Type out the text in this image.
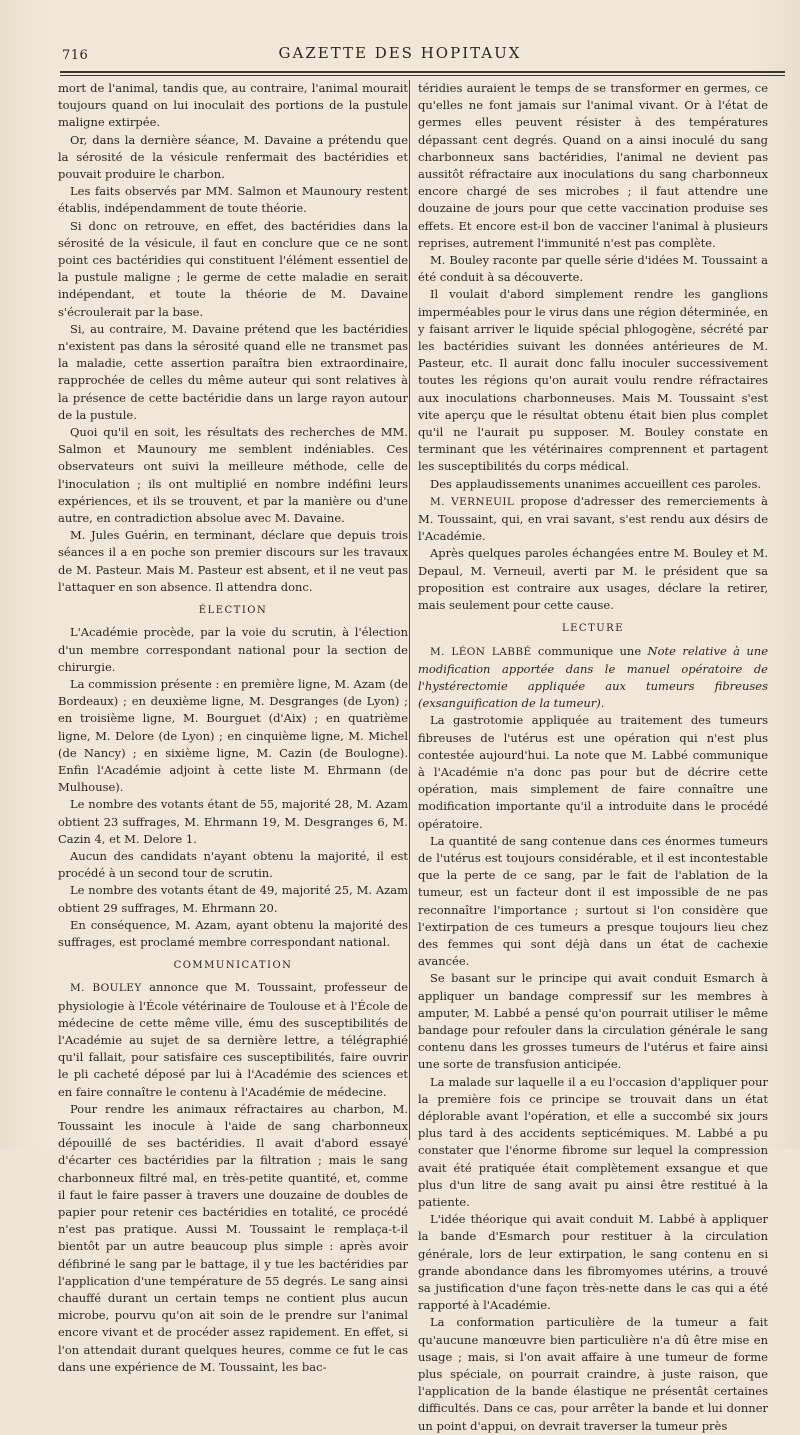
716	GAZETTE DES HOPITAUX

mort de l'animal, tandis que, au contraire, l'animal mourait toujours quand on lui inoculait des portions de la pustule maligne extirpée.

Or, dans la dernière séance, M. Davaine a prétendu que la sérosité de la vésicule renfermait des bactéridies et pouvait produire le charbon.

Les faits observés par MM. Salmon et Maunoury restent établis, indépendamment de toute théorie.

Si donc on retrouve, en effet, des bactéridies dans la sérosité de la vésicule, il faut en conclure que ce ne sont point ces bactéridies qui constituent l'élément essentiel de la pustule maligne ; le germe de cette maladie en serait indépendant, et toute la théorie de M. Davaine s'écroulerait par la base.

Si, au contraire, M. Davaine prétend que les bactéridies n'existent pas dans la sérosité quand elle ne transmet pas la maladie, cette assertion paraîtra bien extraordinaire, rapprochée de celles du même auteur qui sont relatives à la présence de cette bactéridie dans un large rayon autour de la pustule.

Quoi qu'il en soit, les résultats des recherches de MM. Salmon et Maunoury me semblent indéniables. Ces observateurs ont suivi la meilleure méthode, celle de l'inoculation ; ils ont multiplié en nombre indéfini leurs expériences, et ils se trouvent, et par la manière ou d'une autre, en contradiction absolue avec M. Davaine.

M. Jules Guérin, en terminant, déclare que depuis trois séances il a en poche son premier discours sur les travaux de M. Pasteur. Mais M. Pasteur est absent, et il ne veut pas l'attaquer en son absence. Il attendra donc.

ÉLECTION

L'Académie procède, par la voie du scrutin, à l'élection d'un membre correspondant national pour la section de chirurgie.

La commission présente : en première ligne, M. Azam (de Bordeaux) ; en deuxième ligne, M. Desgranges (de Lyon) ; en troisième ligne, M. Bourguet (d'Aix) ; en quatrième ligne, M. Delore (de Lyon) ; en cinquième ligne, M. Michel (de Nancy) ; en sixième ligne, M. Cazin (de Boulogne). Enfin l'Académie adjoint à cette liste M. Ehrmann (de Mulhouse).

Le nombre des votants étant de 55, majorité 28, M. Azam obtient 23 suffrages, M. Ehrmann 19, M. Desgranges 6, M. Cazin 4, et M. Delore 1.

Aucun des candidats n'ayant obtenu la majorité, il est procédé à un second tour de scrutin.

Le nombre des votants étant de 49, majorité 25, M. Azam obtient 29 suffrages, M. Ehrmann 20.

En conséquence, M. Azam, ayant obtenu la majorité des suffrages, est proclamé membre correspondant national.

COMMUNICATION

M. BOULEY annonce que M. Toussaint, professeur de physiologie à l'École vétérinaire de Toulouse et à l'École de médecine de cette même ville, ému des susceptibilités de l'Académie au sujet de sa dernière lettre, a télégraphié qu'il fallait, pour satisfaire ces susceptibilités, faire ouvrir le pli cacheté déposé par lui à l'Académie des sciences et en faire connaître le contenu à l'Académie de médecine.

Pour rendre les animaux réfractaires au charbon, M. Toussaint les inocule à l'aide de sang charbonneux dépouillé de ses bactéridies. Il avait d'abord essayé d'écarter ces bactéridies par la filtration ; mais le sang charbonneux filtré mal, en très-petite quantité, et, comme il faut le faire passer à travers une douzaine de doubles de papier pour retenir ces bactéridies en totalité, ce procédé n'est pas pratique. Aussi M. Toussaint le remplaça-t-il bientôt par un autre beaucoup plus simple : après avoir défibriné le sang par le battage, il y tue les bactéridies par l'application d'une température de 55 degrés. Le sang ainsi chauffé durant un certain temps ne contient plus aucun microbe, pourvu qu'on ait soin de le prendre sur l'animal encore vivant et de procéder assez rapidement. En effet, si l'on attendait durant quelques heures, comme ce fut le cas dans une expérience de M. Toussaint, les bac-

téridies auraient le temps de se transformer en germes, ce qu'elles ne font jamais sur l'animal vivant. Or à l'état de germes elles peuvent résister à des températures dépassant cent degrés. Quand on a ainsi inoculé du sang charbonneux sans bactéridies, l'animal ne devient pas aussitôt réfractaire aux inoculations du sang charbonneux encore chargé de ses microbes ; il faut attendre une douzaine de jours pour que cette vaccination produise ses effets. Et encore est-il bon de vacciner l'animal à plusieurs reprises, autrement l'immunité n'est pas complète.

M. Bouley raconte par quelle série d'idées M. Toussaint a été conduit à sa découverte.

Il voulait d'abord simplement rendre les ganglions imperméables pour le virus dans une région déterminée, en y faisant arriver le liquide spécial phlogogène, sécrété par les bactéridies suivant les données antérieures de M. Pasteur, etc. Il aurait donc fallu inoculer successivement toutes les régions qu'on aurait voulu rendre réfractaires aux inoculations charbonneuses. Mais M. Toussaint s'est vite aperçu que le résultat obtenu était bien plus complet qu'il ne l'aurait pu supposer. M. Bouley constate en terminant que les vétérinaires comprennent et partagent les susceptibilités du corps médical.

Des applaudissements unanimes accueillent ces paroles.

M. VERNEUIL propose d'adresser des remerciements à M. Toussaint, qui, en vrai savant, s'est rendu aux désirs de l'Académie.

Après quelques paroles échangées entre M. Bouley et M. Depaul, M. Verneuil, averti par M. le président que sa proposition est contraire aux usages, déclare la retirer, mais seulement pour cette cause.

LECTURE

M. LÉON LABBÉ communique une Note relative à une modification apportée dans le manuel opératoire de l'hystérectomie appliquée aux tumeurs fibreuses (exsanguification de la tumeur).

La gastrotomie appliquée au traitement des tumeurs fibreuses de l'utérus est une opération qui n'est plus contestée aujourd'hui. La note que M. Labbé communique à l'Académie n'a donc pas pour but de décrire cette opération, mais simplement de faire connaître une modification importante qu'il a introduite dans le procédé opératoire.

La quantité de sang contenue dans ces énormes tumeurs de l'utérus est toujours considérable, et il est incontestable que la perte de ce sang, par le fait de l'ablation de la tumeur, est un facteur dont il est impossible de ne pas reconnaître l'importance ; surtout si l'on considère que l'extirpation de ces tumeurs a presque toujours lieu chez des femmes qui sont déjà dans un état de cachexie avancée.

Se basant sur le principe qui avait conduit Esmarch à appliquer un bandage compressif sur les membres à amputer, M. Labbé a pensé qu'on pourrait utiliser le même bandage pour refouler dans la circulation générale le sang contenu dans les grosses tumeurs de l'utérus et faire ainsi une sorte de transfusion anticipée.

La malade sur laquelle il a eu l'occasion d'appliquer pour la première fois ce principe se trouvait dans un état déplorable avant l'opération, et elle a succombé six jours plus tard à des accidents septicémiques. M. Labbé a pu constater que l'énorme fibrome sur lequel la compression avait été pratiquée était complètement exsangue et que plus d'un litre de sang avait pu ainsi être restitué à la patiente.

L'idée théorique qui avait conduit M. Labbé à appliquer la bande d'Esmarch pour restituer à la circulation générale, lors de leur extirpation, le sang contenu en si grande abondance dans les fibromyomes utérins, a trouvé sa justification d'une façon très-nette dans le cas qui a été rapporté à l'Académie.

La conformation particulière de la tumeur a fait qu'aucune manœuvre bien particulière n'a dû être mise en usage ; mais, si l'on avait affaire à une tumeur de forme plus spéciale, on pourrait craindre, à juste raison, que l'application de la bande élastique ne présentât certaines difficultés. Dans ce cas, pour arrêter la bande et lui donner un point d'appui, on devrait traverser la tumeur près
